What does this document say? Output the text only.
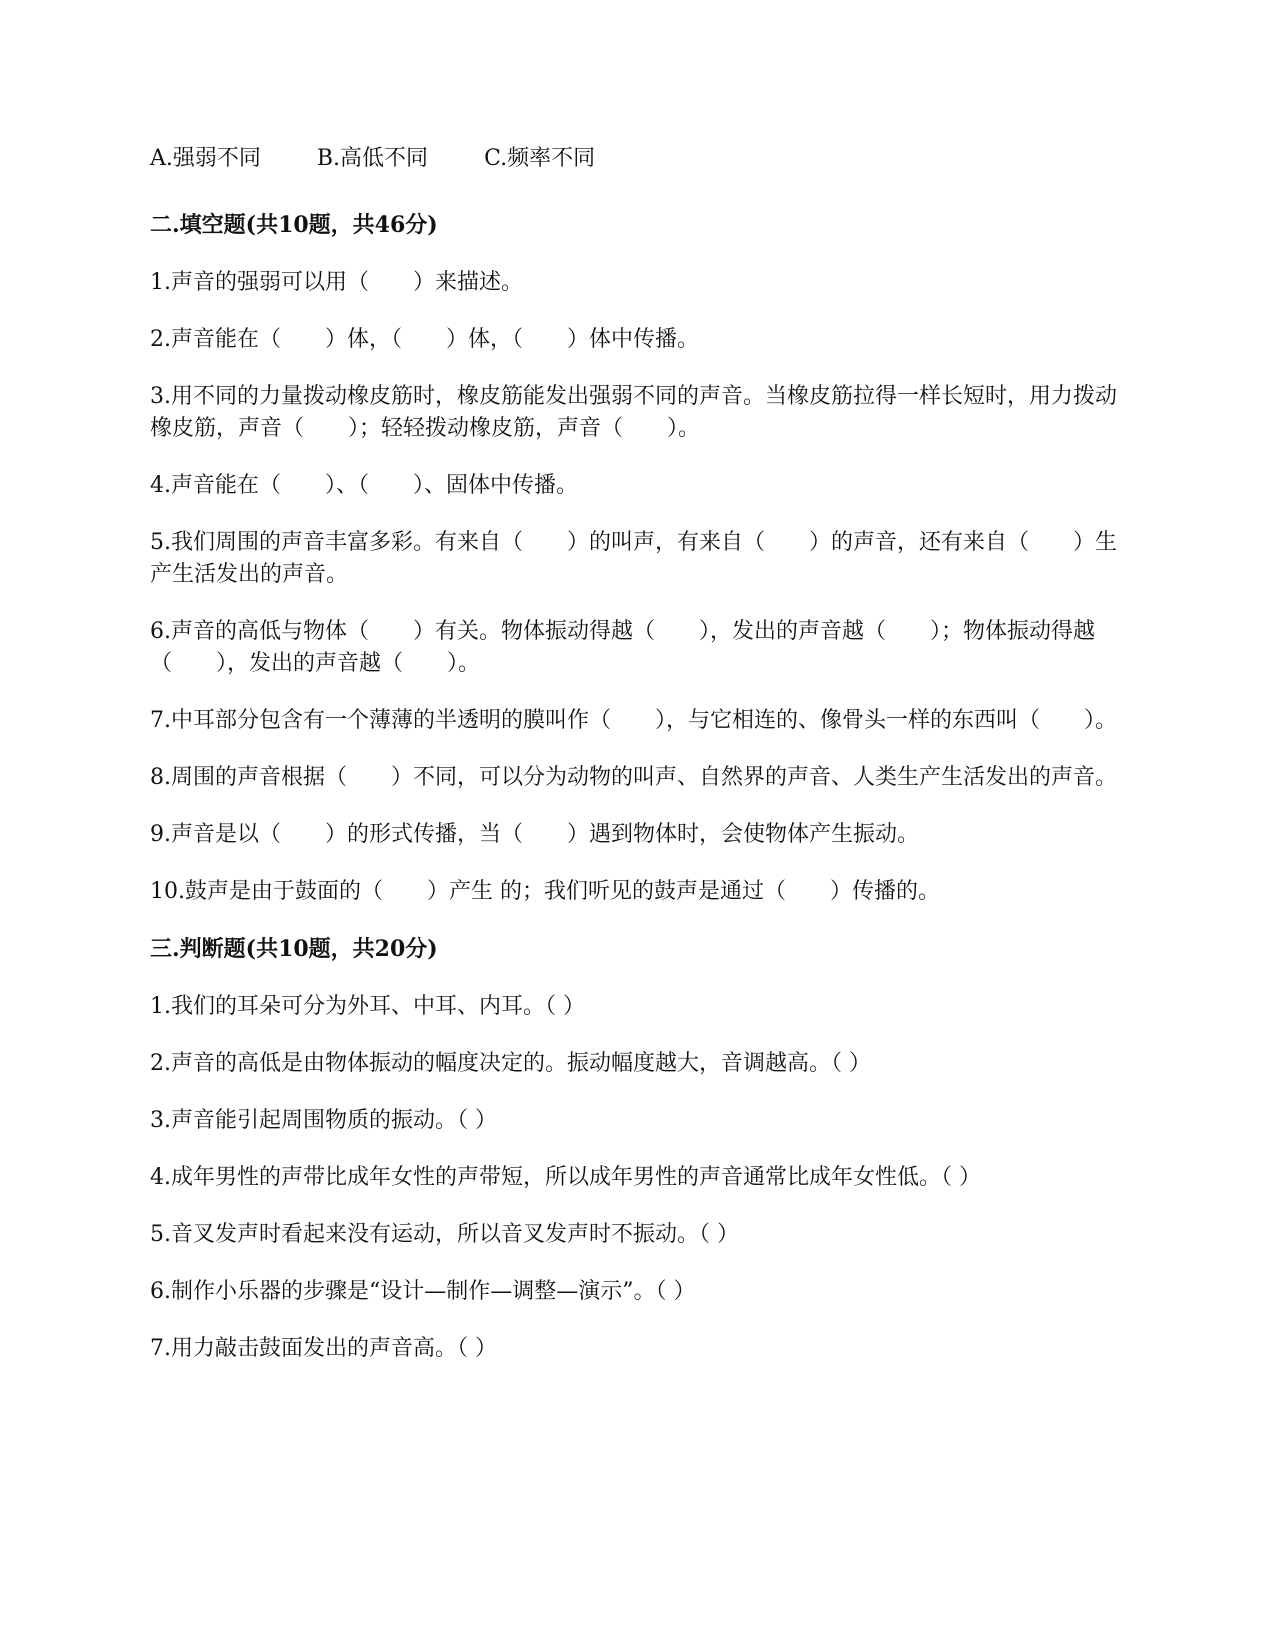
A.强弱不同	B.高低不同	C.频率不同
二.填空题(共10题，共46分)

1.声音的强弱可以用（　　）来描述。

2.声音能在（　　）体，（　　）体，（　　）体中传播。

3.用不同的力量拨动橡皮筋时，橡皮筋能发出强弱不同的声音。当橡皮筋拉得一样长短时，用力拨动橡皮筋，声音（　　）；轻轻拨动橡皮筋，声音（　　）。

4.声音能在（　　）、（　　）、固体中传播。

5.我们周围的声音丰富多彩。有来自（　　）的叫声，有来自（　　）的声音，还有来自（　　）生产生活发出的声音。

6.声音的高低与物体（　　）有关。物体振动得越（　　），发出的声音越（　　）；物体振动得越（　　），发出的声音越（　　）。

7.中耳部分包含有一个薄薄的半透明的膜叫作（　　），与它相连的、像骨头一样的东西叫（　　）。

8.周围的声音根据（　　）不同，可以分为动物的叫声、自然界的声音、人类生产生活发出的声音。

9.声音是以（　　）的形式传播，当（　　）遇到物体时，会使物体产生振动。

10.鼓声是由于鼓面的（　　）产生 的；我们听见的鼓声是通过（　　）传播的。

三.判断题(共10题，共20分)

1.我们的耳朵可分为外耳、中耳、内耳。（ ）

2.声音的高低是由物体振动的幅度决定的。振动幅度越大，音调越高。（ ）

3.声音能引起周围物质的振动。（ ）

4.成年男性的声带比成年女性的声带短，所以成年男性的声音通常比成年女性低。（ ）

5.音叉发声时看起来没有运动，所以音叉发声时不振动。（ ）

6.制作小乐器的步骤是“设计—制作—调整—演示”。（ ）

7.用力敲击鼓面发出的声音高。（ ）
